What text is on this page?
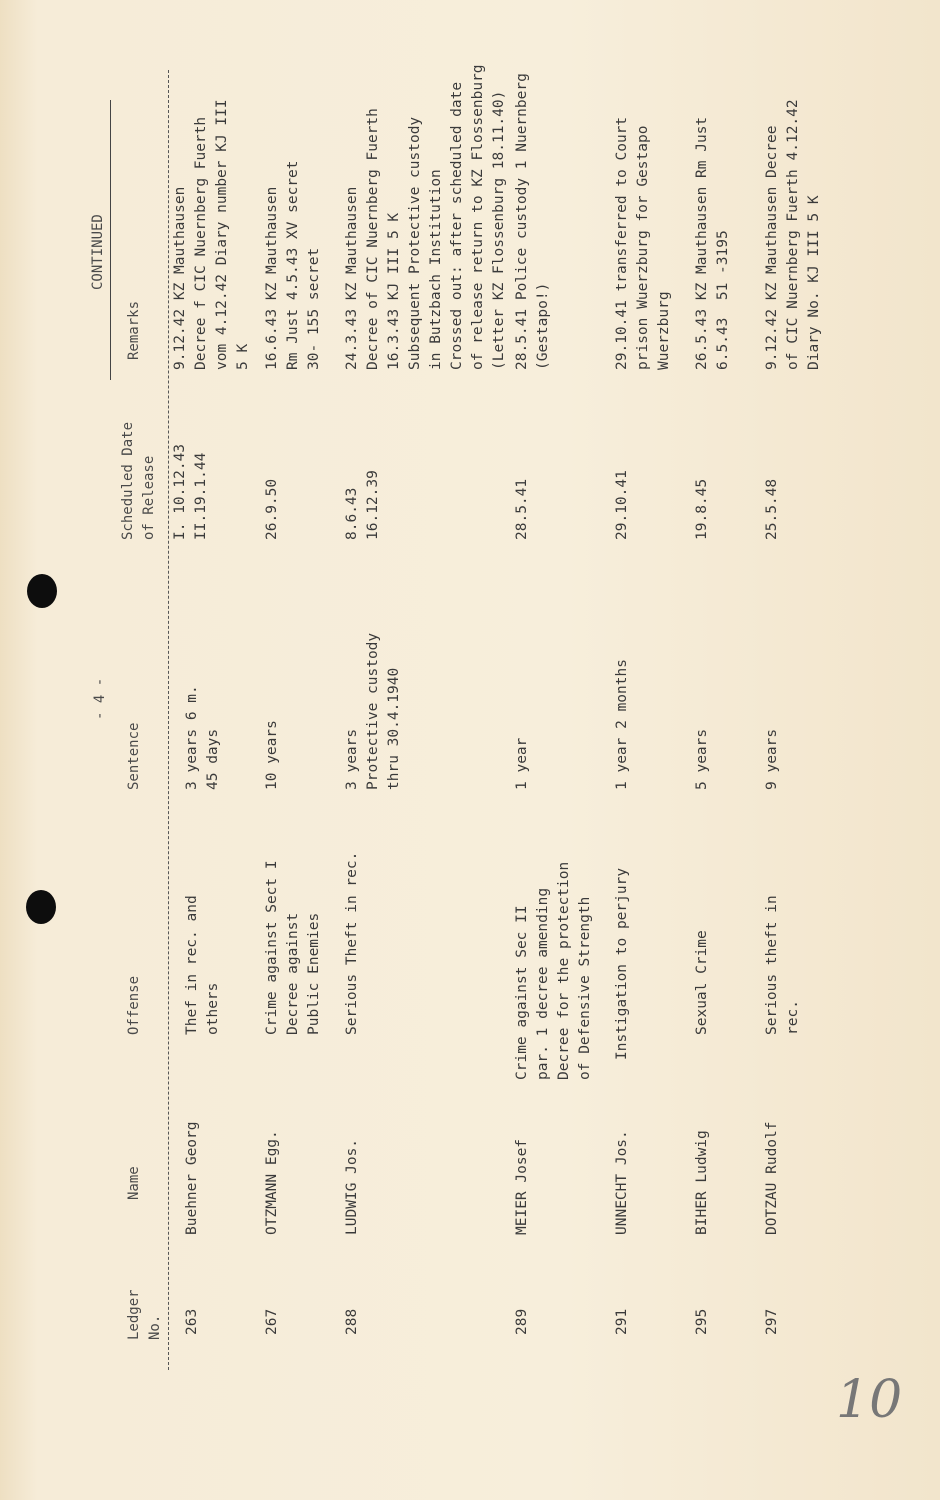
CONTINUED
- 4 -
Ledger
No.
Name
Offense
Sentence
Scheduled Date
of Release
Remarks
263
Buehner Georg
Thef in rec. and
others
3 years 6 m.
45 days
I. 10.12.43
II.19.1.44
9.12.42 KZ Mauthausen
Decree f CIC Nuernberg Fuerth
vom 4.12.42 Diary number KJ III
5 K
267
OTZMANN Egg.
Crime against Sect I
Decree against
Public Enemies
10 years
26.9.50
16.6.43 KZ Mauthausen
Rm Just 4.5.43 XV secret
30- 155 secret
288
LUDWIG Jos.
Serious Theft in rec.
3 years
Protective custody
thru 30.4.1940
8.6.43
16.12.39
24.3.43 KZ Mauthausen
Decree of CIC Nuernberg Fuerth
16.3.43 KJ III 5 K
Subsequent Protective custody
in Butzbach Institution
Crossed out: after scheduled date
of release return to KZ Flossenburg
(Letter KZ Flossenburg 18.11.40)
289
MEIER Josef
Crime against Sec II
par. 1 decree amending
Decree for the protection
of Defensive Strength
1 year
28.5.41
28.5.41 Police custody 1 Nuernberg
(Gestapo!)
291
UNNECHT Jos.
Instigation to perjury
1 year 2 months
29.10.41
29.10.41 transferred to Court
prison Wuerzburg for Gestapo
Wuerzburg
295
BIHER Ludwig
Sexual Crime
5 years
19.8.45
26.5.43 KZ Mauthausen Rm Just
6.5.43  51 -3195
297
DOTZAU Rudolf
Serious theft in
rec.
9 years
25.5.48
9.12.42 KZ Mauthausen Decree
of CIC Nuernberg Fuerth 4.12.42
Diary No. KJ III 5 K
10
